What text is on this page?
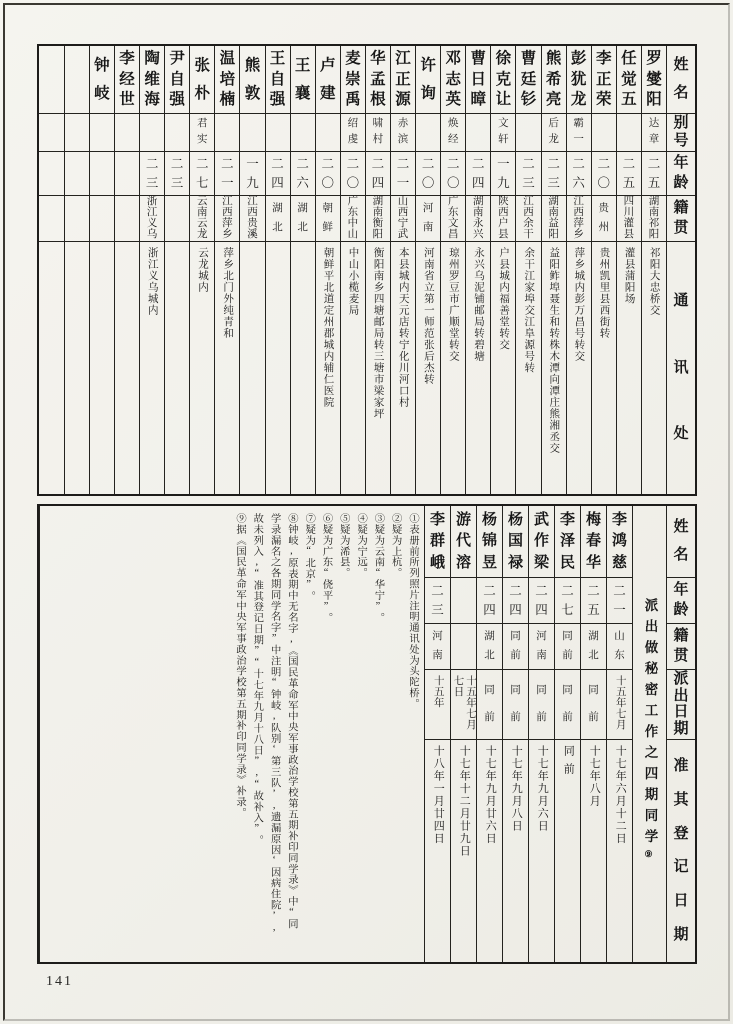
姓
名
别
号
年
龄
籍
贯
通
讯
处
罗
燮
阳
达
章
二
五
湖
南
祁
阳
祁阳大忠桥交
任
觉
五
二
五
四
川
灌
县
灌县蒲阳场
李
正
荣
二
〇
贵
州
贵州凯里县西街转
彭
犹
龙
霸
一
二
六
江
西
萍
乡
萍乡城内彭万昌号转交
熊
希
亮
后
龙
二
三
湖
南
益
阳
益阳鲊埠聂生和转株木潭向潭庄熊湘丞交
曹
廷
钐
二
三
江
西
余
干
余干江家埠交江阜源号转
徐
克
让
文
轩
一
九
陕
西
户
县
户县城内福善堂转交
曹
日
暲
二
四
湖
南
永
兴
永兴乌泥铺邮局转碧塘
邓
志
英
焕
经
二
〇
广
东
文
昌
琼州罗豆市广顺堂转交
许
询
二
〇
河
南
河南省立第一师范张后杰转
江
正
源
赤
滨
二
一
山
西
宁
武
本县城内天元店转宁化川河口村
华
孟
根
啸
村
二
四
湖
南
衡
阳
衡阳南乡四塘邮局转三塘市梁家坪
麦
崇
禹
绍
虔
二
〇
广
东
中
山
中山小榄麦局
卢
建
二
〇
朝
鲜
朝鲜平北道定州郡城内辅仁医院
王
襄
二
六
湖
北
王
自
强
二
四
湖
北
熊
敦
一
九
江
西
贵
溪
温
培
楠
二
一
江
西
萍
乡
萍乡北门外纯青和
张
朴
君
实
二
七
云
南
云
龙
云龙城内
尹
自
强
二
三
陶
维
海
二
三
浙
江
义
乌
浙江义乌城内
李
经
世
钟
岐
姓
名
年
龄
籍
贯
派
出
日
期
准
其
登
记
日
期
派出做秘密工作之四期同学⑨
李
鸿
慈
二
一
山
东
十五年七月
十七年六月十二日
梅
春
华
二
五
湖
北
同
前
十七年八月
李
泽
民
二
七
同
前
同
前
同前
武
作
梁
二
四
河
南
同
前
十七年九月六日
杨
国
禄
二
四
同
前
同
前
十七年九月八日
杨
锦
昱
二
四
湖
北
同
前
十七年九月廿六日
游
代
溶
十五年七月七日
十七年十二月廿九日
李
群
峨
二
三
河
南
十五年
十八年一月廿四日
①表册前所列照片注明通讯处为头陀桥。
②疑为上杭。
③疑为云南“华宁”。
④疑为宁远。
⑤疑为浠县。
⑥疑为广东“侥平”。
⑦疑为“北京”。
⑧钟岐,原表期中无名字,《国民革命军中央军事政治学校第五期补印同学录》中“同
学录漏名之各期同学名字”中注明“钟岐,队别‘第三队’,遗漏原因‘因病住院’,
故未列入,“准其登记日期”“十七年九月十八日”,“故补入”。
⑨据《国民革命军中央军事政治学校第五期补印同学录》补录。
141
